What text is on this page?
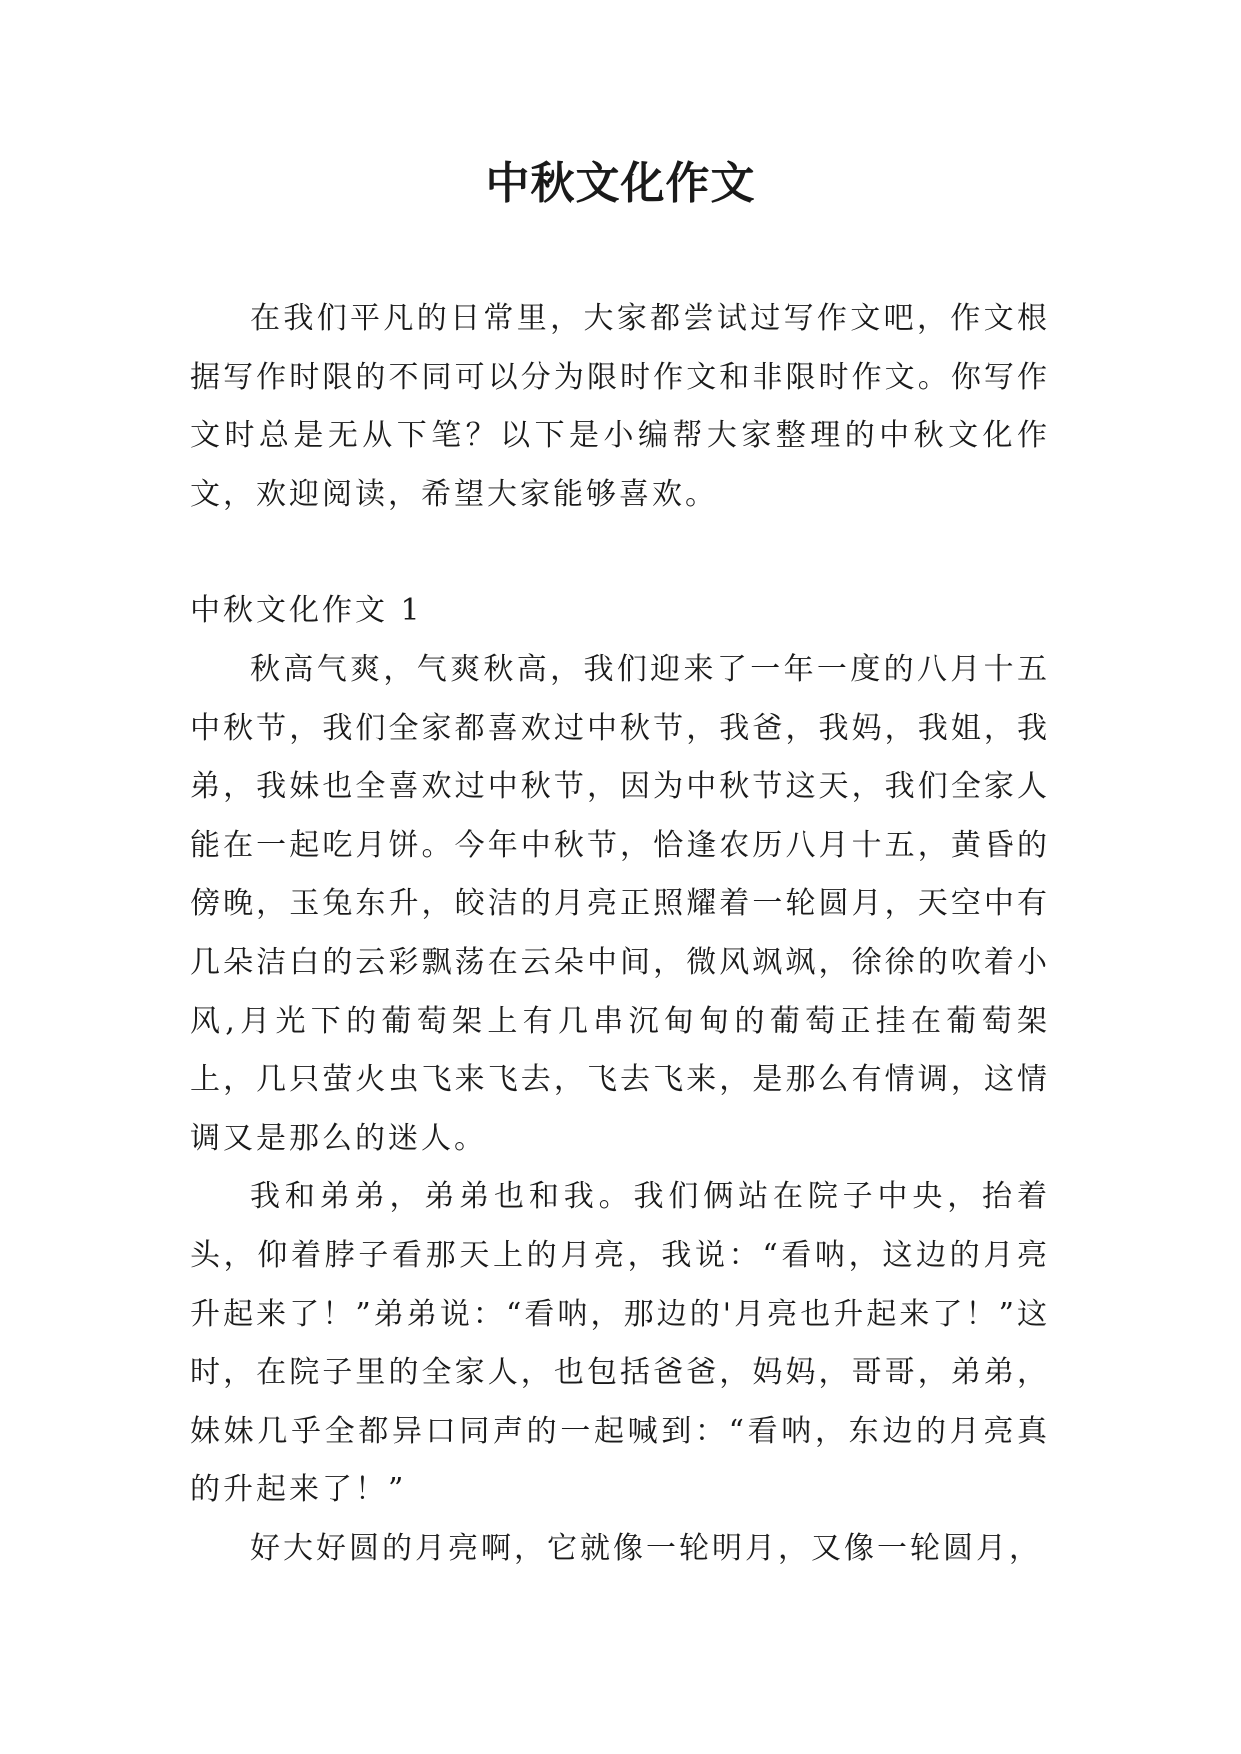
中秋文化作文

在我们平凡的日常里，大家都尝试过写作文吧，作文根据写作时限的不同可以分为限时作文和非限时作文。你写作文时总是无从下笔？以下是小编帮大家整理的中秋文化作文，欢迎阅读，希望大家能够喜欢。

中秋文化作文 1

秋高气爽，气爽秋高，我们迎来了一年一度的八月十五中秋节，我们全家都喜欢过中秋节，我爸，我妈，我姐，我弟，我妹也全喜欢过中秋节，因为中秋节这天，我们全家人能在一起吃月饼。今年中秋节，恰逢农历八月十五，黄昏的傍晚，玉兔东升，皎洁的月亮正照耀着一轮圆月，天空中有几朵洁白的云彩飘荡在云朵中间，微风飒飒，徐徐的吹着小风,月光下的葡萄架上有几串沉甸甸的葡萄正挂在葡萄架上，几只萤火虫飞来飞去，飞去飞来，是那么有情调，这情调又是那么的迷人。

我和弟弟，弟弟也和我。我们俩站在院子中央，抬着头，仰着脖子看那天上的月亮，我说：“看呐，这边的月亮升起来了！”弟弟说：“看呐，那边的'月亮也升起来了！”这时，在院子里的全家人，也包括爸爸，妈妈，哥哥，弟弟，妹妹几乎全都异口同声的一起喊到：“看呐，东边的月亮真的升起来了！”

好大好圆的月亮啊，它就像一轮明月，又像一轮圆月，
